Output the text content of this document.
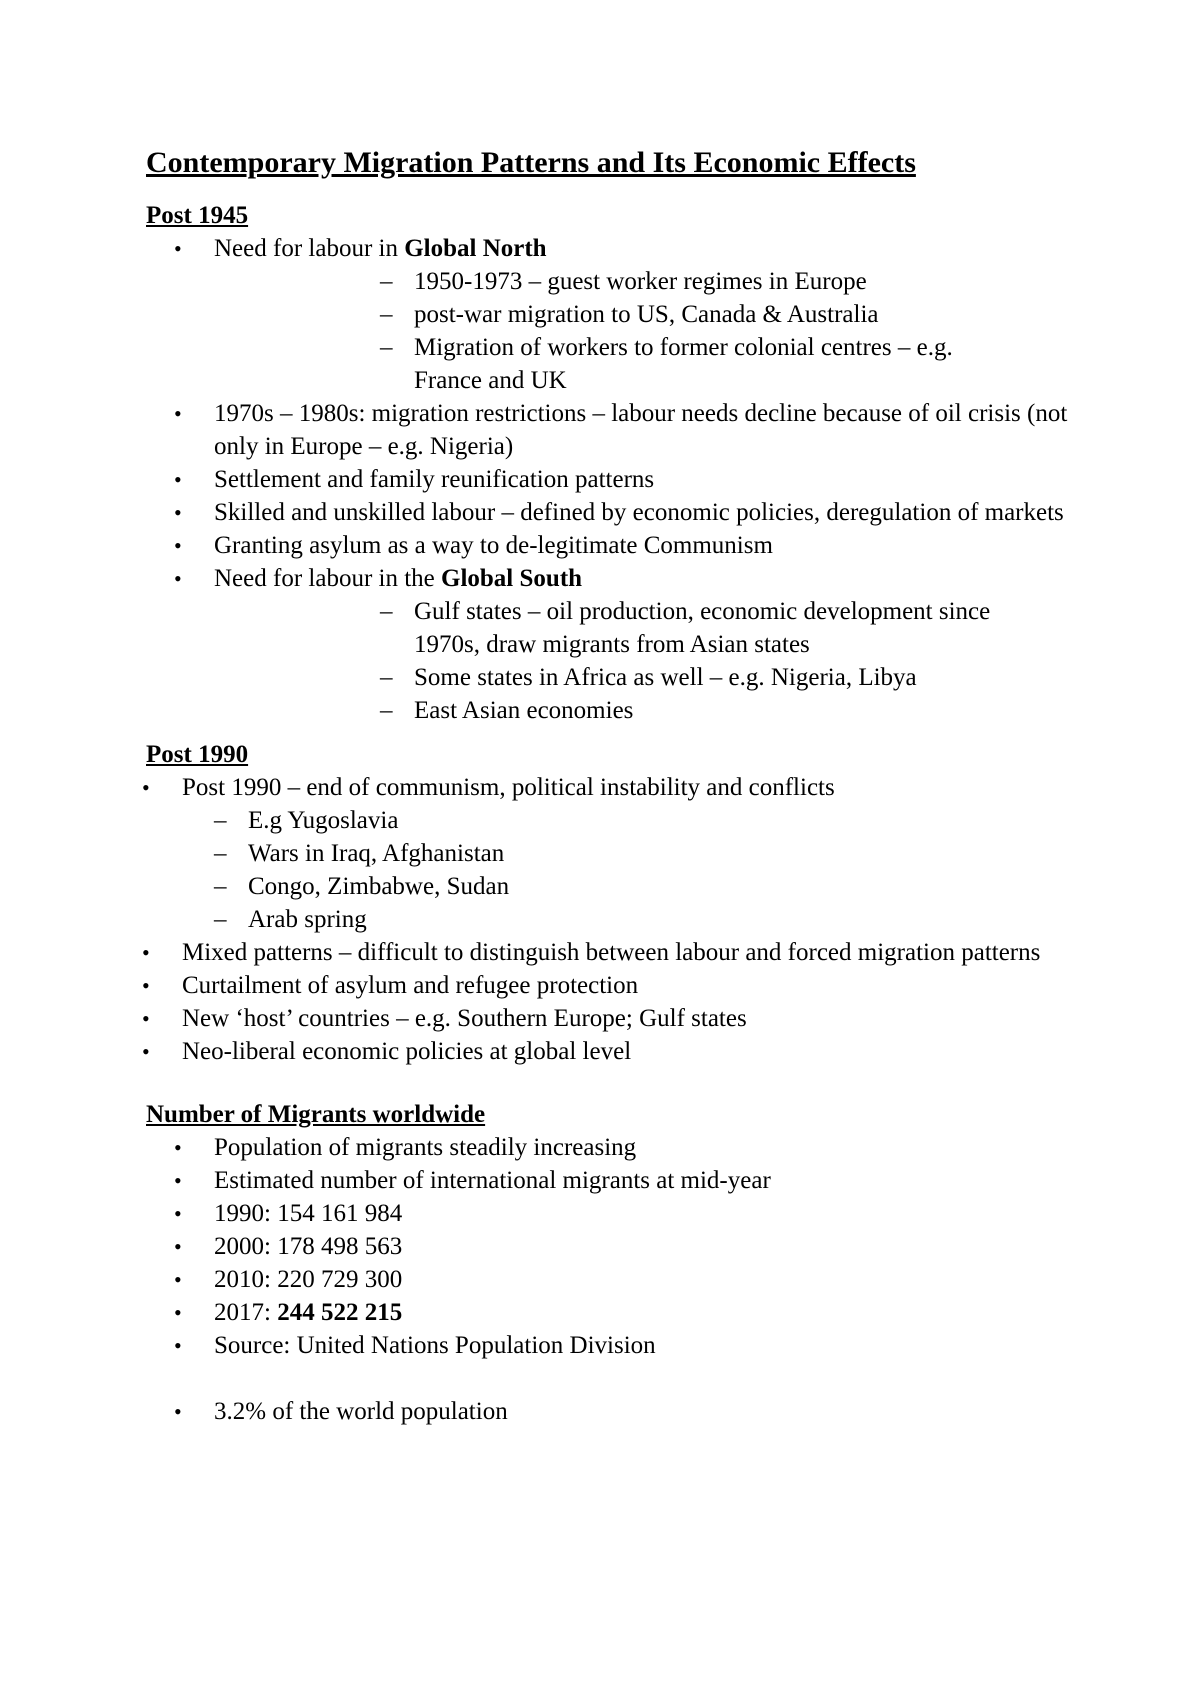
Contemporary Migration Patterns and Its Economic Effects
Post 1945
•	Need for labour in Global North
– 1950-1973 – guest worker regimes in Europe
– post-war migration to US, Canada & Australia
– Migration of workers to former colonial centres – e.g. France and UK
•	1970s – 1980s: migration restrictions – labour needs decline because of oil crisis (not only in Europe – e.g. Nigeria)
•	Settlement and family reunification patterns
•	Skilled and unskilled labour – defined by economic policies, deregulation of markets
•	Granting asylum as a way to de-legitimate Communism
•	Need for labour in the Global South
– Gulf states – oil production, economic development since 1970s, draw migrants from Asian states
– Some states in Africa as well – e.g. Nigeria, Libya
– East Asian economies
Post 1990
•	Post 1990 – end of communism, political instability and conflicts
– E.g Yugoslavia
– Wars in Iraq, Afghanistan
– Congo, Zimbabwe, Sudan
– Arab spring
•	Mixed patterns – difficult to distinguish between labour and forced migration patterns
•	Curtailment of asylum and refugee protection
•	New ‘host’ countries – e.g. Southern Europe; Gulf states
•	Neo-liberal economic policies at global level
Number of Migrants worldwide
•	Population of migrants steadily increasing
•	Estimated number of international migrants at mid-year
•	1990: 154 161 984
•	2000: 178 498 563
•	2010: 220 729 300
•	2017: 244 522 215
•	Source: United Nations Population Division
•	3.2% of the world population
